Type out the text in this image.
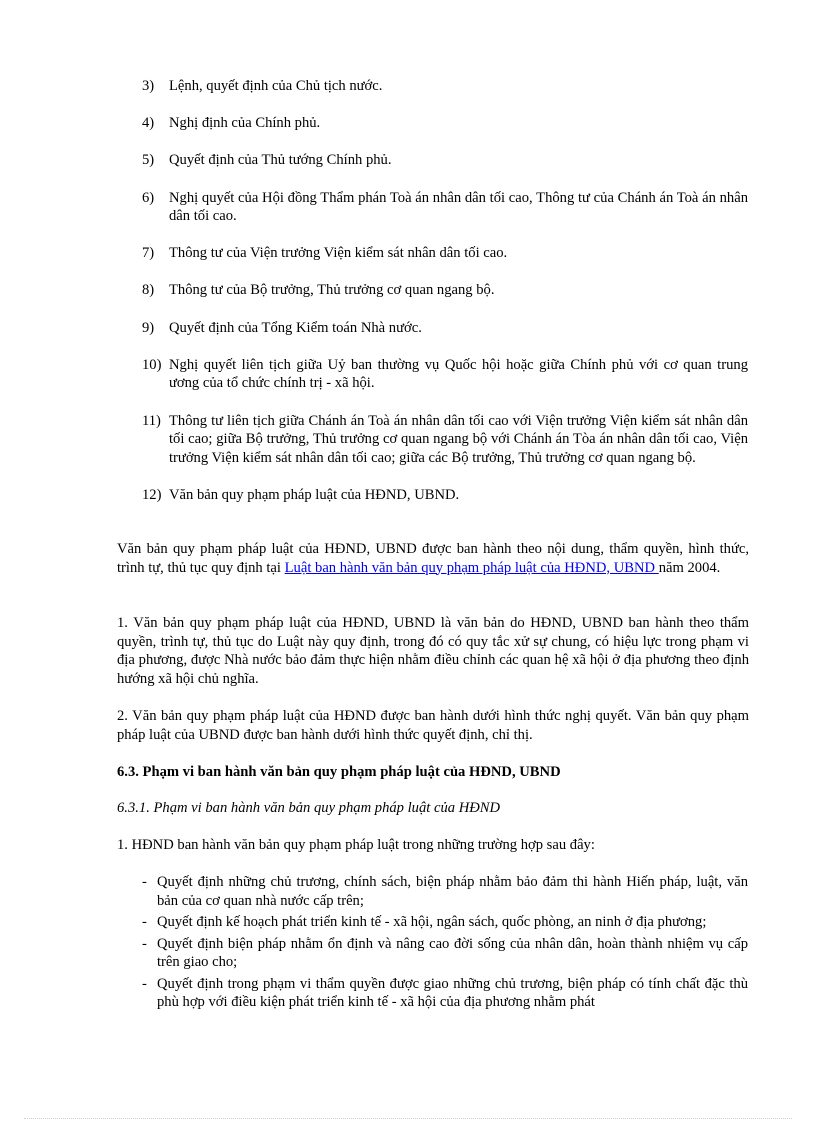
3)	Lệnh, quyết định của Chủ tịch nước.
4)	Nghị định của Chính phủ.
5)	Quyết định của Thủ tướng Chính phủ.
6)	Nghị quyết của Hội đồng Thẩm phán Toà án nhân dân tối cao, Thông tư của Chánh án Toà án nhân dân tối cao.
7)	Thông tư của Viện trưởng Viện kiểm sát nhân dân tối cao.
8)	Thông tư của Bộ trưởng, Thủ trưởng cơ quan ngang bộ.
9)	Quyết định của Tổng Kiểm toán Nhà nước.
10) Nghị quyết liên tịch giữa Uỷ ban thường vụ Quốc hội hoặc giữa Chính phủ với cơ quan trung ương của tổ chức chính trị - xã hội.
11) Thông tư liên tịch giữa Chánh án Toà án nhân dân tối cao với Viện trưởng Viện kiểm sát nhân dân tối cao; giữa Bộ trưởng, Thủ trưởng cơ quan ngang bộ với Chánh án Tòa án nhân dân tối cao, Viện trưởng Viện kiểm sát nhân dân tối cao; giữa các Bộ trưởng, Thủ trưởng cơ quan ngang bộ.
12) Văn bản quy phạm pháp luật của HĐND, UBND.

Văn bản quy phạm pháp luật của HĐND, UBND được ban hành theo nội dung, thẩm quyền, hình thức, trình tự, thủ tục quy định tại Luật ban hành văn bản quy phạm pháp luật của HĐND, UBND năm 2004.

1. Văn bản quy phạm pháp luật của HĐND, UBND là văn bản do HĐND, UBND ban hành theo thẩm quyền, trình tự, thủ tục do Luật này quy định, trong đó có quy tắc xử sự chung, có hiệu lực trong phạm vi địa phương, được Nhà nước bảo đảm thực hiện nhằm điều chỉnh các quan hệ xã hội ở địa phương theo định hướng xã hội chủ nghĩa.

2. Văn bản quy phạm pháp luật của HĐND được ban hành dưới hình thức nghị quyết. Văn bản quy phạm pháp luật của UBND được ban hành dưới hình thức quyết định, chỉ thị.

6.3. Phạm vi ban hành văn bản quy phạm pháp luật của HĐND, UBND

6.3.1. Phạm vi ban hành văn bản quy phạm pháp luật của HĐND

1. HĐND ban hành văn bản quy phạm pháp luật trong những trường hợp sau đây:

- Quyết định những chủ trương, chính sách, biện pháp nhằm bảo đảm thi hành Hiến pháp, luật, văn bản của cơ quan nhà nước cấp trên;
- Quyết định kế hoạch phát triển kinh tế - xã hội, ngân sách, quốc phòng, an ninh ở địa phương;
- Quyết định biện pháp nhằm ổn định và nâng cao đời sống của nhân dân, hoàn thành nhiệm vụ cấp trên giao cho;
- Quyết định trong phạm vi thẩm quyền được giao những chủ trương, biện pháp có tính chất đặc thù phù hợp với điều kiện phát triển kinh tế - xã hội của địa phương nhằm phát
